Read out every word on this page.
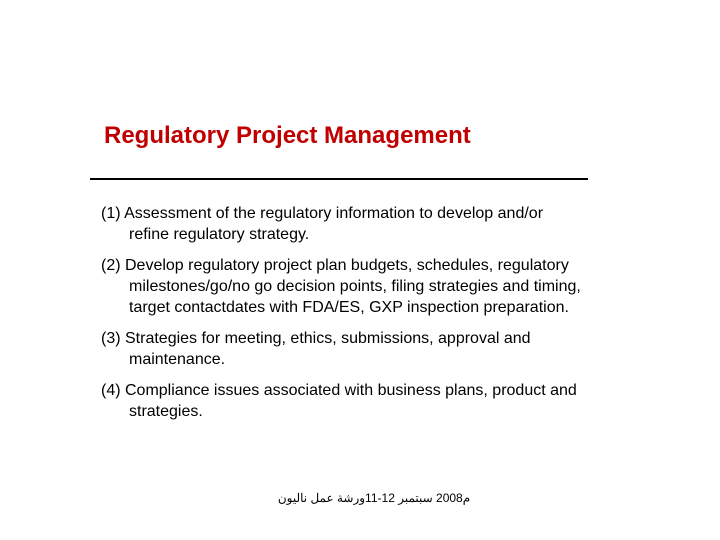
Regulatory Project Management
(1) Assessment of the regulatory information to develop and/or refine regulatory strategy.
(2) Develop regulatory project plan budgets, schedules, regulatory milestones/go/no go decision points, filing strategies and timing, target contactdates with FDA/ES, GXP inspection preparation.
(3) Strategies for meeting, ethics, submissions, approval and maintenance.
(4) Compliance issues associated with business plans, product and strategies.
م2008 سبتمبر 12-11ورشة عمل ناليون
